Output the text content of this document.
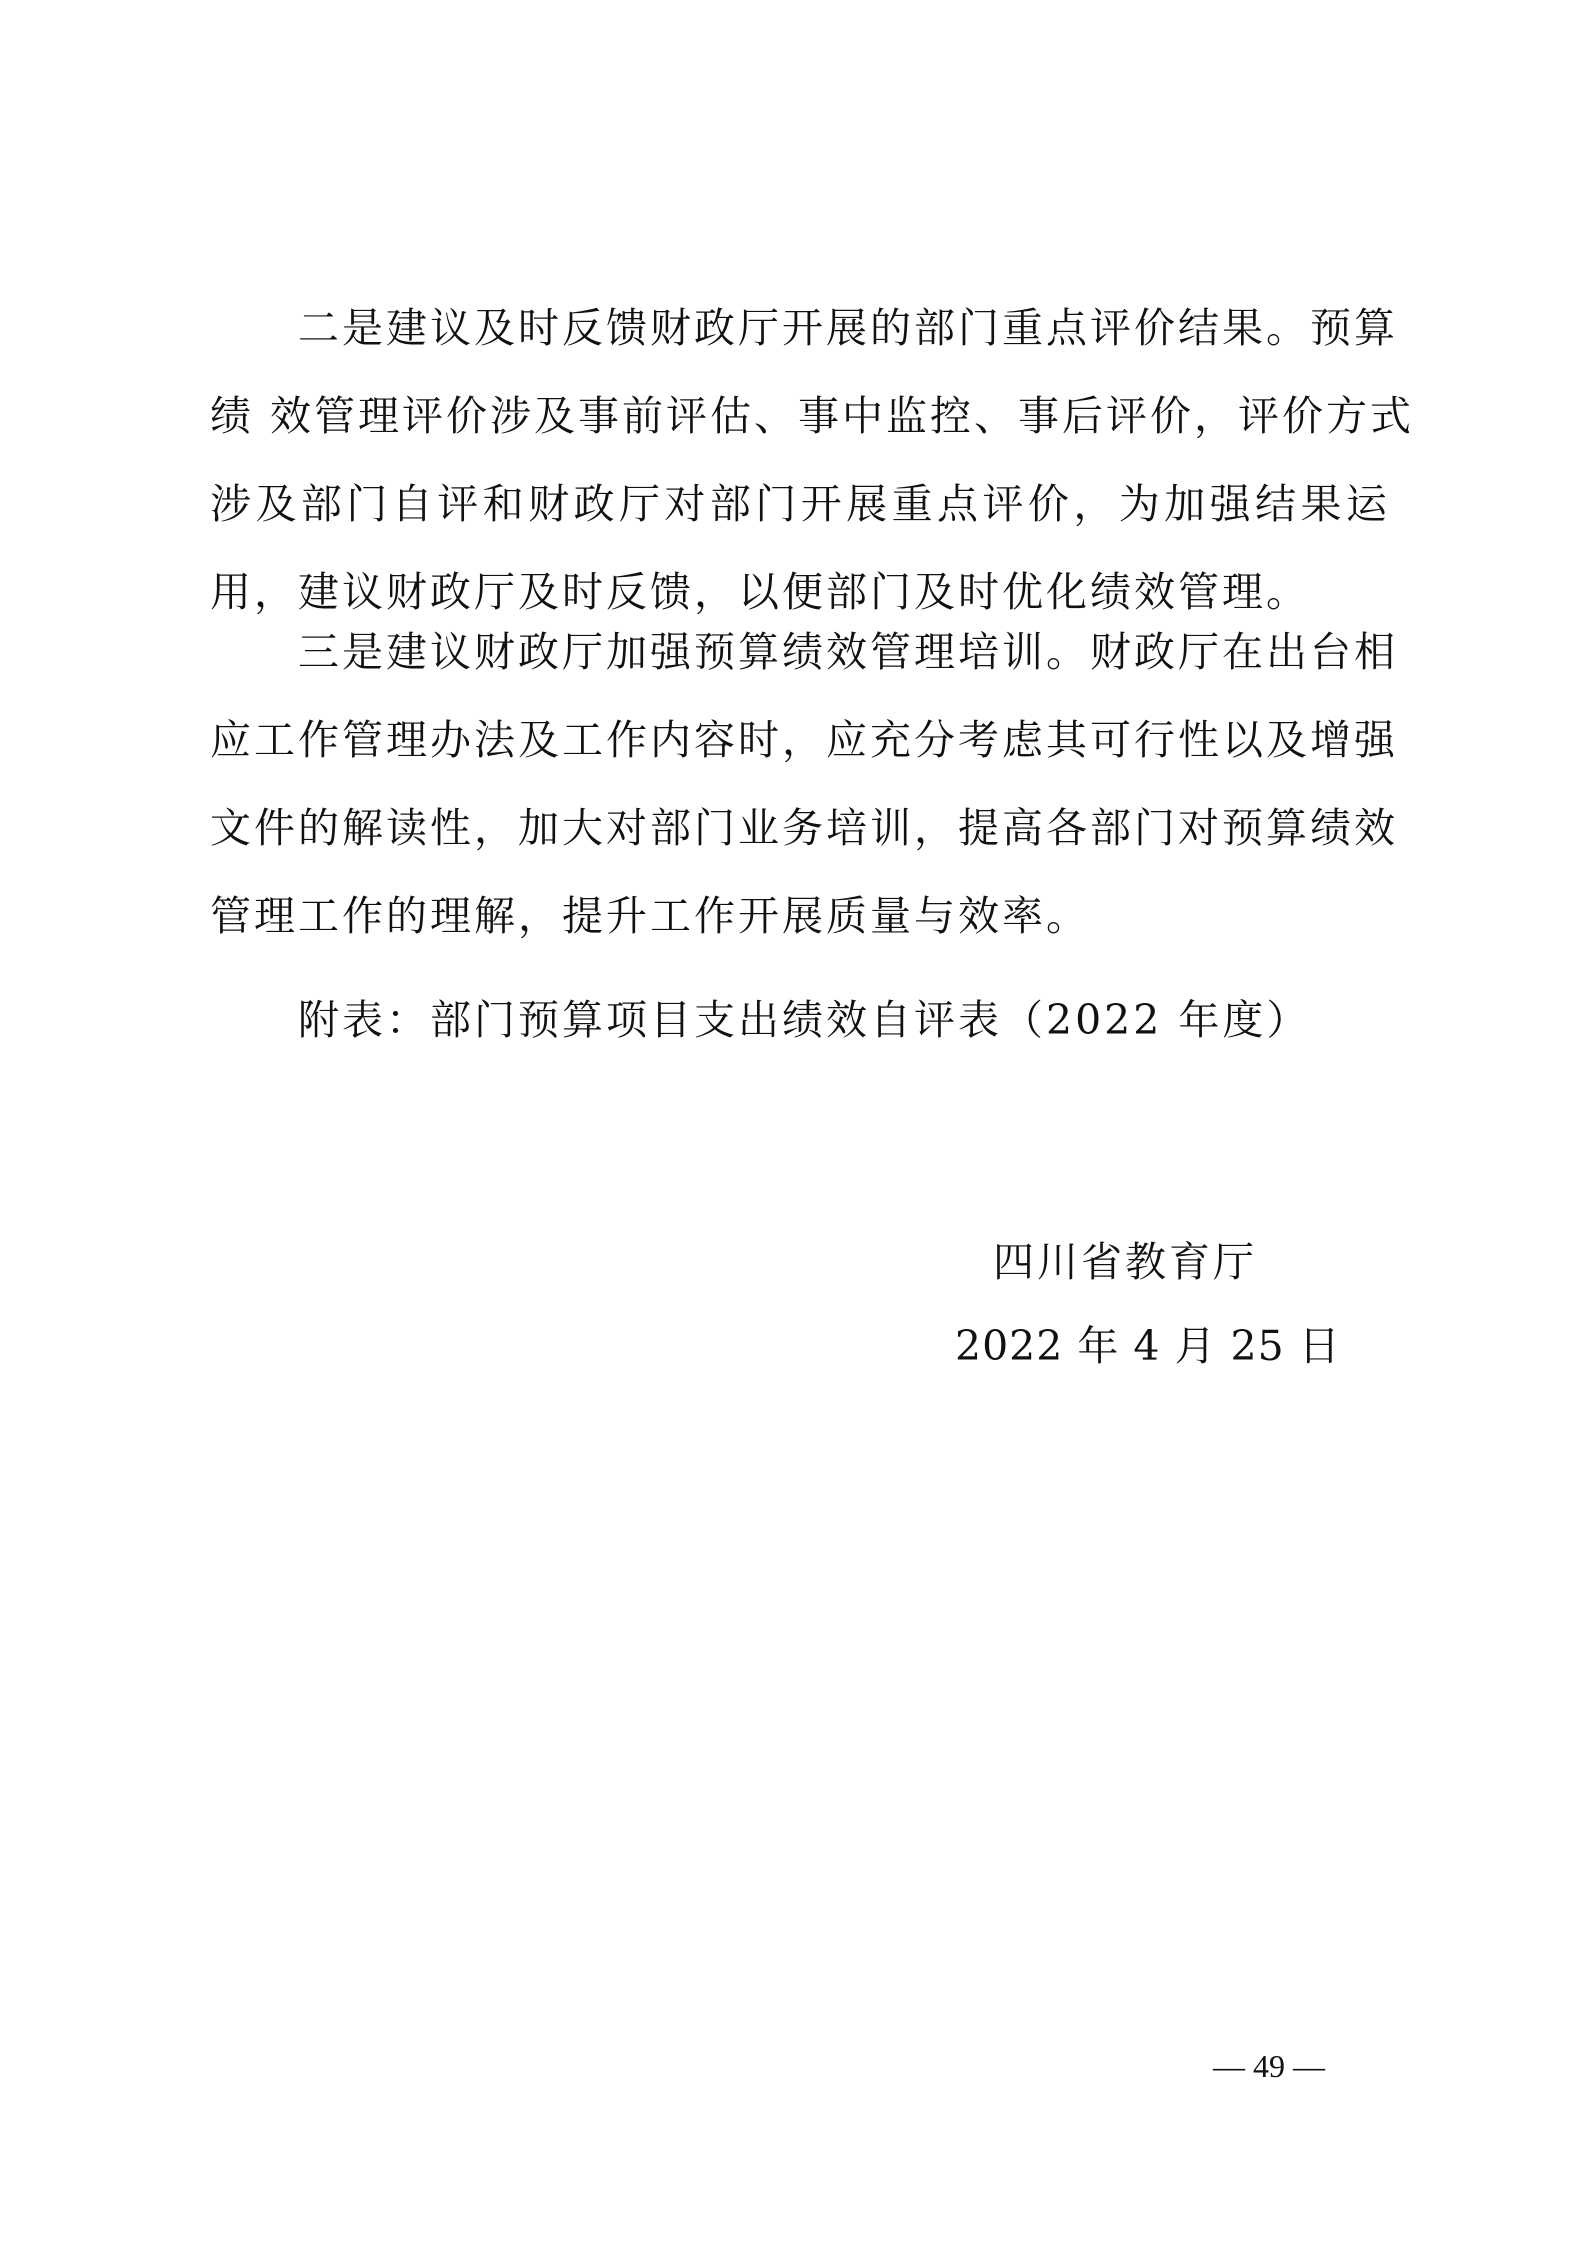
二是建议及时反馈财政厅开展的部门重点评价结果。预算
绩 效管理评价涉及事前评估、事中监控、事后评价，评价方式
涉及部门自评和财政厅对部门开展重点评价，为加强结果运
用，建议财政厅及时反馈，以便部门及时优化绩效管理。
三是建议财政厅加强预算绩效管理培训。财政厅在出台相
应工作管理办法及工作内容时，应充分考虑其可行性以及增强
文件的解读性，加大对部门业务培训，提高各部门对预算绩效
管理工作的理解，提升工作开展质量与效率。
附表：部门预算项目支出绩效自评表（2022 年度）
四川省教育厅
2022 年 4 月 25 日
— 49 —
